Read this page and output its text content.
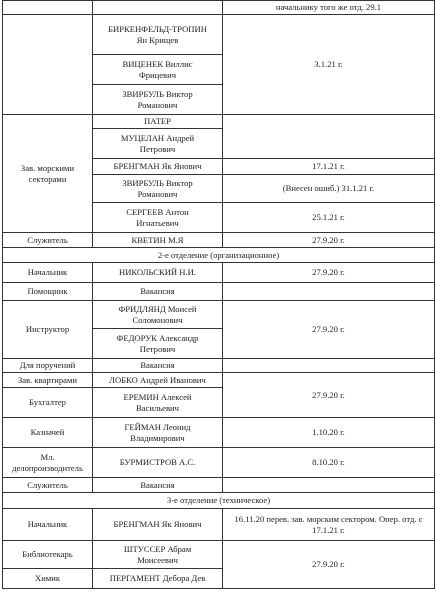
		начальнику того же отд. 29.1

	БИРКЕНФЕЛЬД-ТРОПИН
Ян Крищев	3.1.21 г.

	ВИЦЕНЕК Виллис
Фрицевич	

	ЗВИРБУЛЬ Виктор
Романович	

Зав. морскими
секторами	ПАТЕР	

	МУЦЕЛАН Андрей
Петрович	

	БРЕНГМАН Як Янович	17.1.21 г.

	ЗВИРБУЛЬ Виктор
Романович	(Внесен ошиб.) 31.1.21 г.

	СЕРГЕЕВ Антон
Игнатьевич	25.1.21 г.
Служитель	КВЕТИН М.Я	27.9.20 г.
2-е отделение (организационное)		
Начальник	НИКОЛЬСКИЙ Н.И.	27.9.20 г.
Помощник	Вакансия	
Инструктор	ФРИДЛЯНД Моисей
Соломонович	27.9.20 г.

	ФЕДОРУК Александр
Петрович	

Для поручений	Вакансия	
Зав. квартирами	ЛОБКО Андрей Иванович	27.9.20 г.
Бухгалтер	ЕРЕМИН Алексей
Васильевич	

Казначей	ГЕЙМАН Леонид
Владимирович	1.10.20 г.

Мл.
делопроизводитель	БУРМИСТРОВ А.С.	8.10.20 г.
Служитель	Вакансия	
3-е отделение (техническое)		
Начальник	БРЕНГМАН Як Янович	16.11.20 перев. зав. морским сектором. Опер. отд. с 17.1.21 г.
Библиотекарь	ШТУССЕР Абрам
Моисеевич	27.9.20 г.
Химик	ПЕРГАМЕНТ Дебора Дев	
